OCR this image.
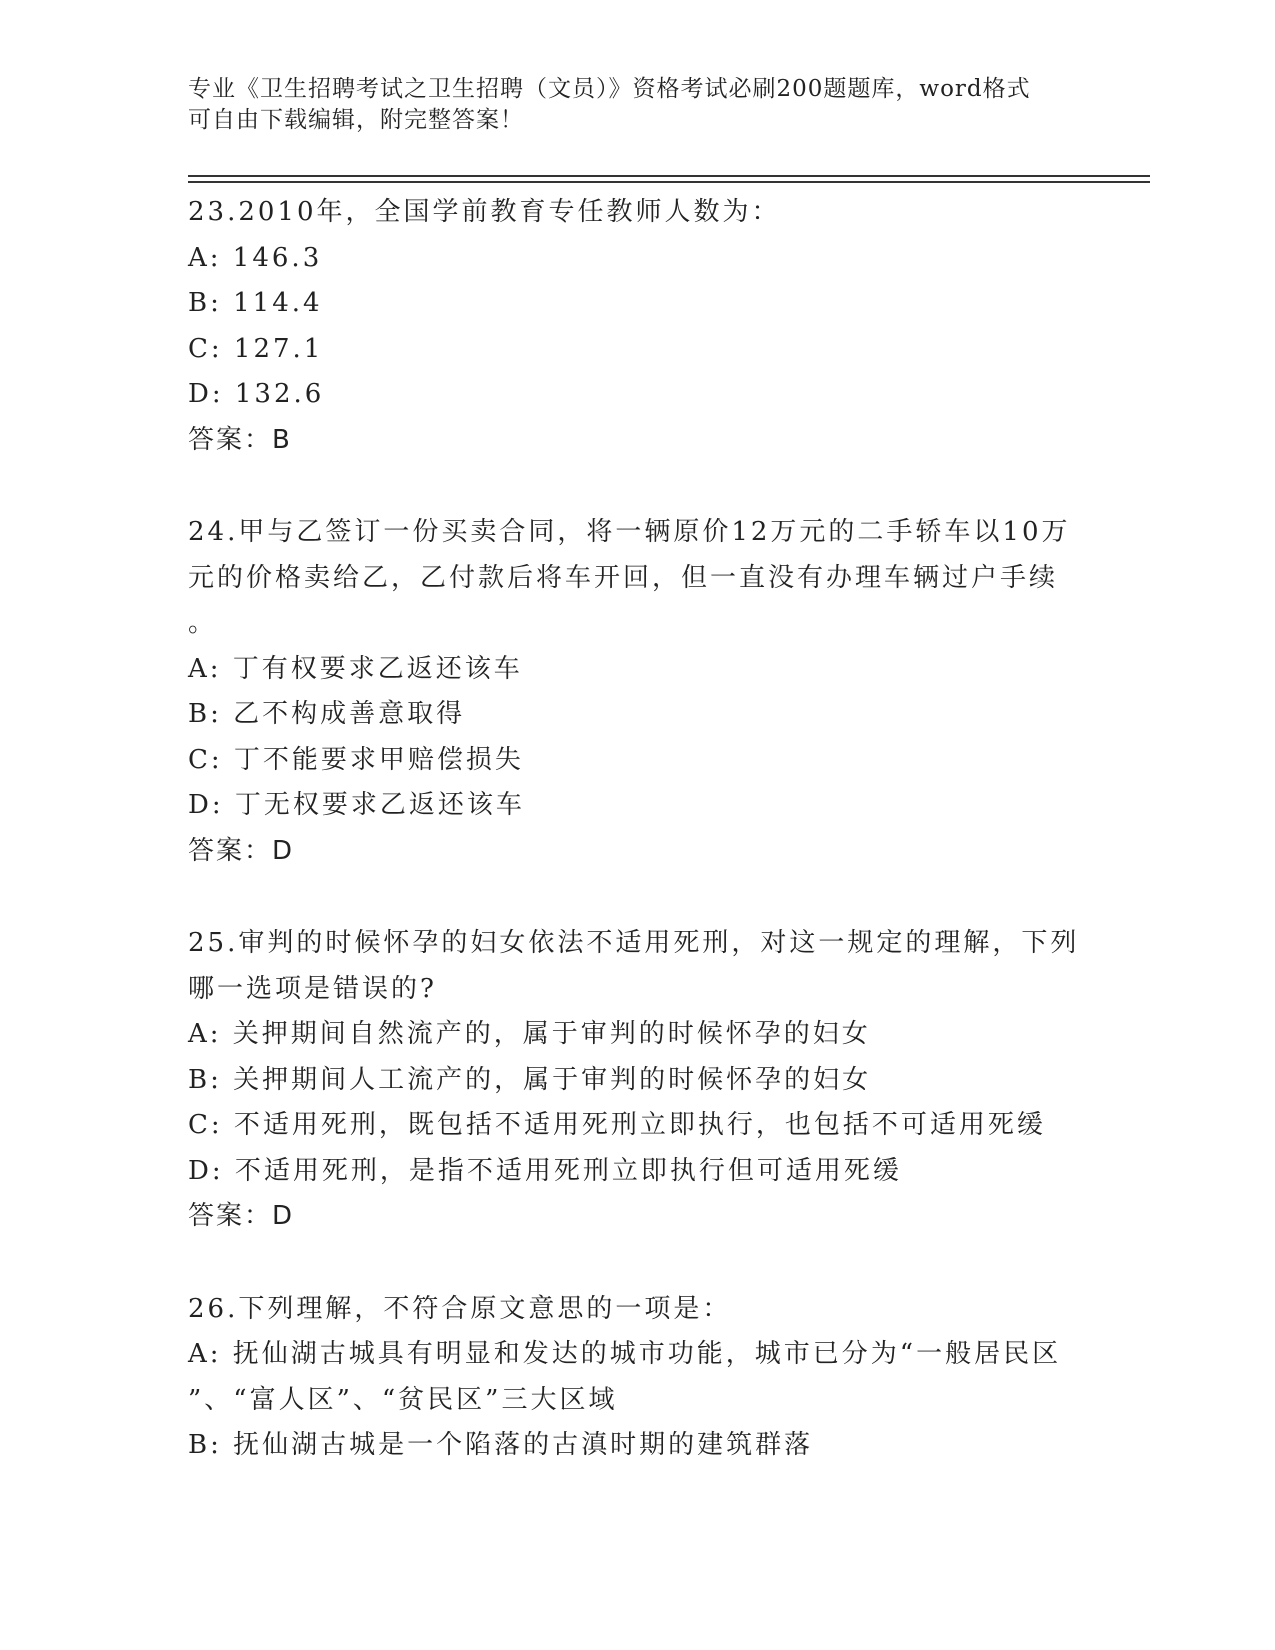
专业《卫生招聘考试之卫生招聘（文员）》资格考试必刷200题题库，word格式
可自由下载编辑，附完整答案！
23.2010年，全国学前教育专任教师人数为：
A: 146.3
B: 114.4
C: 127.1
D: 132.6
答案：B
24.甲与乙签订一份买卖合同，将一辆原价12万元的二手轿车以10万
元的价格卖给乙，乙付款后将车开回，但一直没有办理车辆过户手续
。
A: 丁有权要求乙返还该车
B: 乙不构成善意取得
C: 丁不能要求甲赔偿损失
D: 丁无权要求乙返还该车
答案：D
25.审判的时候怀孕的妇女依法不适用死刑，对这一规定的理解，下列
哪一选项是错误的?
A: 关押期间自然流产的，属于审判的时候怀孕的妇女
B: 关押期间人工流产的，属于审判的时候怀孕的妇女
C: 不适用死刑，既包括不适用死刑立即执行，也包括不可适用死缓
D: 不适用死刑，是指不适用死刑立即执行但可适用死缓
答案：D
26.下列理解，不符合原文意思的一项是：
A: 抚仙湖古城具有明显和发达的城市功能，城市已分为“一般居民区
”、“富人区”、“贫民区”三大区域
B: 抚仙湖古城是一个陷落的古滇时期的建筑群落
